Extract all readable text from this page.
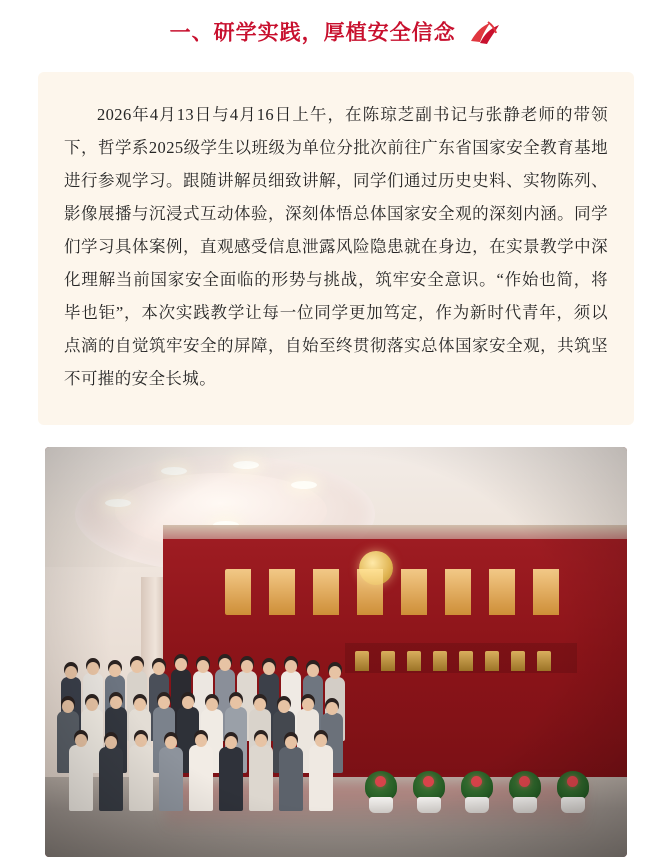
一、研学实践，厚植安全信念

2026年4月13日与4月16日上午，在陈琼芝副书记与张静老师的带领下，哲学系2025级学生以班级为单位分批次前往广东省国家安全教育基地进行参观学习。跟随讲解员细致讲解，同学们通过历史史料、实物陈列、影像展播与沉浸式互动体验，深刻体悟总体国家安全观的深刻内涵。同学们学习具体案例，直观感受信息泄露风险隐患就在身边，在实景教学中深化理解当前国家安全面临的形势与挑战，筑牢安全意识。“作始也简，将毕也钜”，本次实践教学让每一位同学更加笃定，作为新时代青年，须以点滴的自觉筑牢安全的屏障，自始至终贯彻落实总体国家安全观，共筑坚不可摧的安全长城。
